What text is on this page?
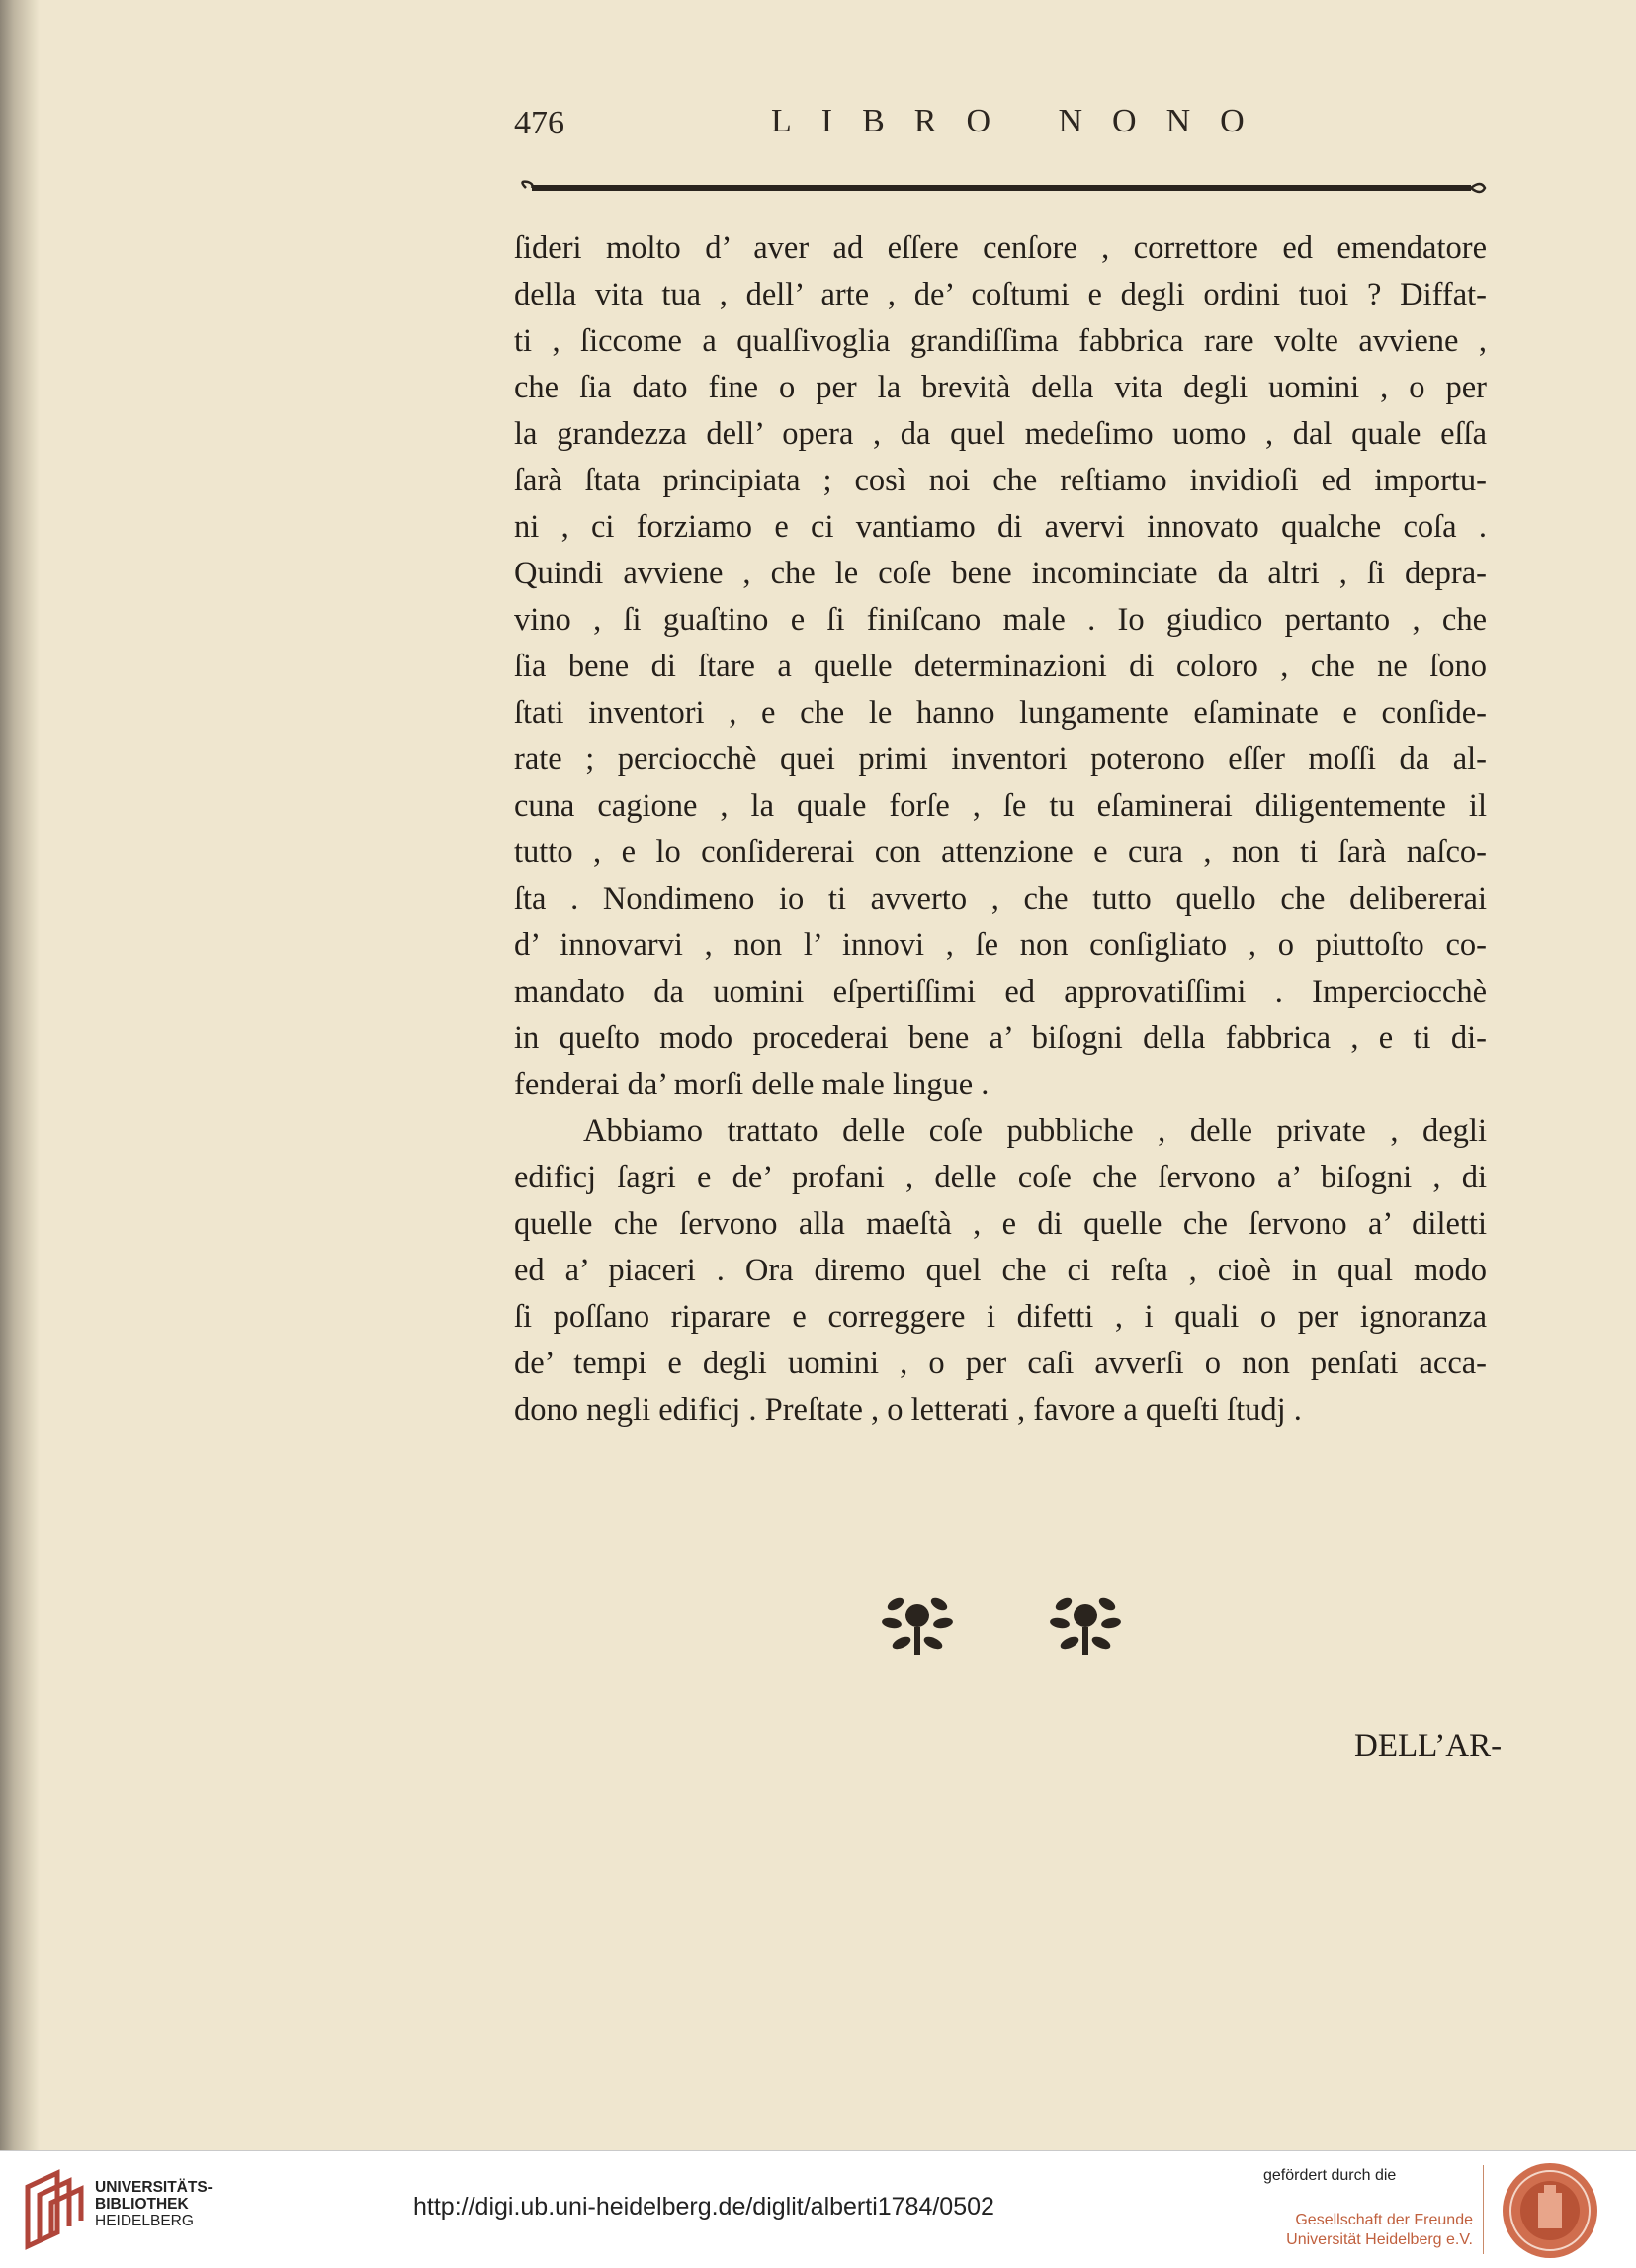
476	LIBRO NONO
ſideri molto d’ aver ad eſſere cenſore , correttore ed emendatore
della vita tua , dell’ arte , de’ coſtumi e degli ordini tuoi ? Diffat-
ti , ſiccome a qualſivoglia grandiſſima fabbrica rare volte avviene ,
che ſia dato fine o per la brevità della vita degli uomini , o per
la grandezza dell’ opera , da quel medeſimo uomo , dal quale eſſa
ſarà ſtata principiata ; così noi che reſtiamo invidioſi ed importu-
ni , ci forziamo e ci vantiamo di avervi innovato qualche coſa .
Quindi avviene , che le coſe bene incominciate da altri , ſi depra-
vino , ſi guaſtino e ſi finiſcano male . Io giudico pertanto , che
ſia bene di ſtare a quelle determinazioni di coloro , che ne ſono
ſtati inventori , e che le hanno lungamente eſaminate e conſide-
rate ; perciocchè quei primi inventori poterono eſſer moſſi da al-
cuna cagione , la quale forſe , ſe tu eſaminerai diligentemente il
tutto , e lo conſidererai con attenzione e cura , non ti ſarà naſco-
ſta . Nondimeno io ti avverto , che tutto quello che delibererai
d’ innovarvi , non l’ innovi , ſe non conſigliato , o piuttoſto co-
mandato da uomini eſpertiſſimi ed approvatiſſimi . Imperciocchè
in queſto modo procederai bene a’ biſogni della fabbrica , e ti di-
fenderai da’ morſi delle male lingue .
Abbiamo trattato delle coſe pubbliche , delle private , degli
edificj ſagri e de’ profani , delle coſe che ſervono a’ biſogni , di
quelle che ſervono alla maeſtà , e di quelle che ſervono a’ diletti
ed a’ piaceri . Ora diremo quel che ci reſta , cioè in qual modo
ſi poſſano riparare e correggere i difetti , i quali o per ignoranza
de’ tempi e degli uomini , o per caſi avverſi o non penſati acca-
dono negli edificj . Preſtate , o letterati , favore a queſti ſtudj .
DELL’AR-
UNIVERSITÄTS-
BIBLIOTHEK
HEIDELBERG
http://digi.ub.uni-heidelberg.de/diglit/alberti1784/0502
gefördert durch die
Gesellschaft der Freunde
Universität Heidelberg e.V.
